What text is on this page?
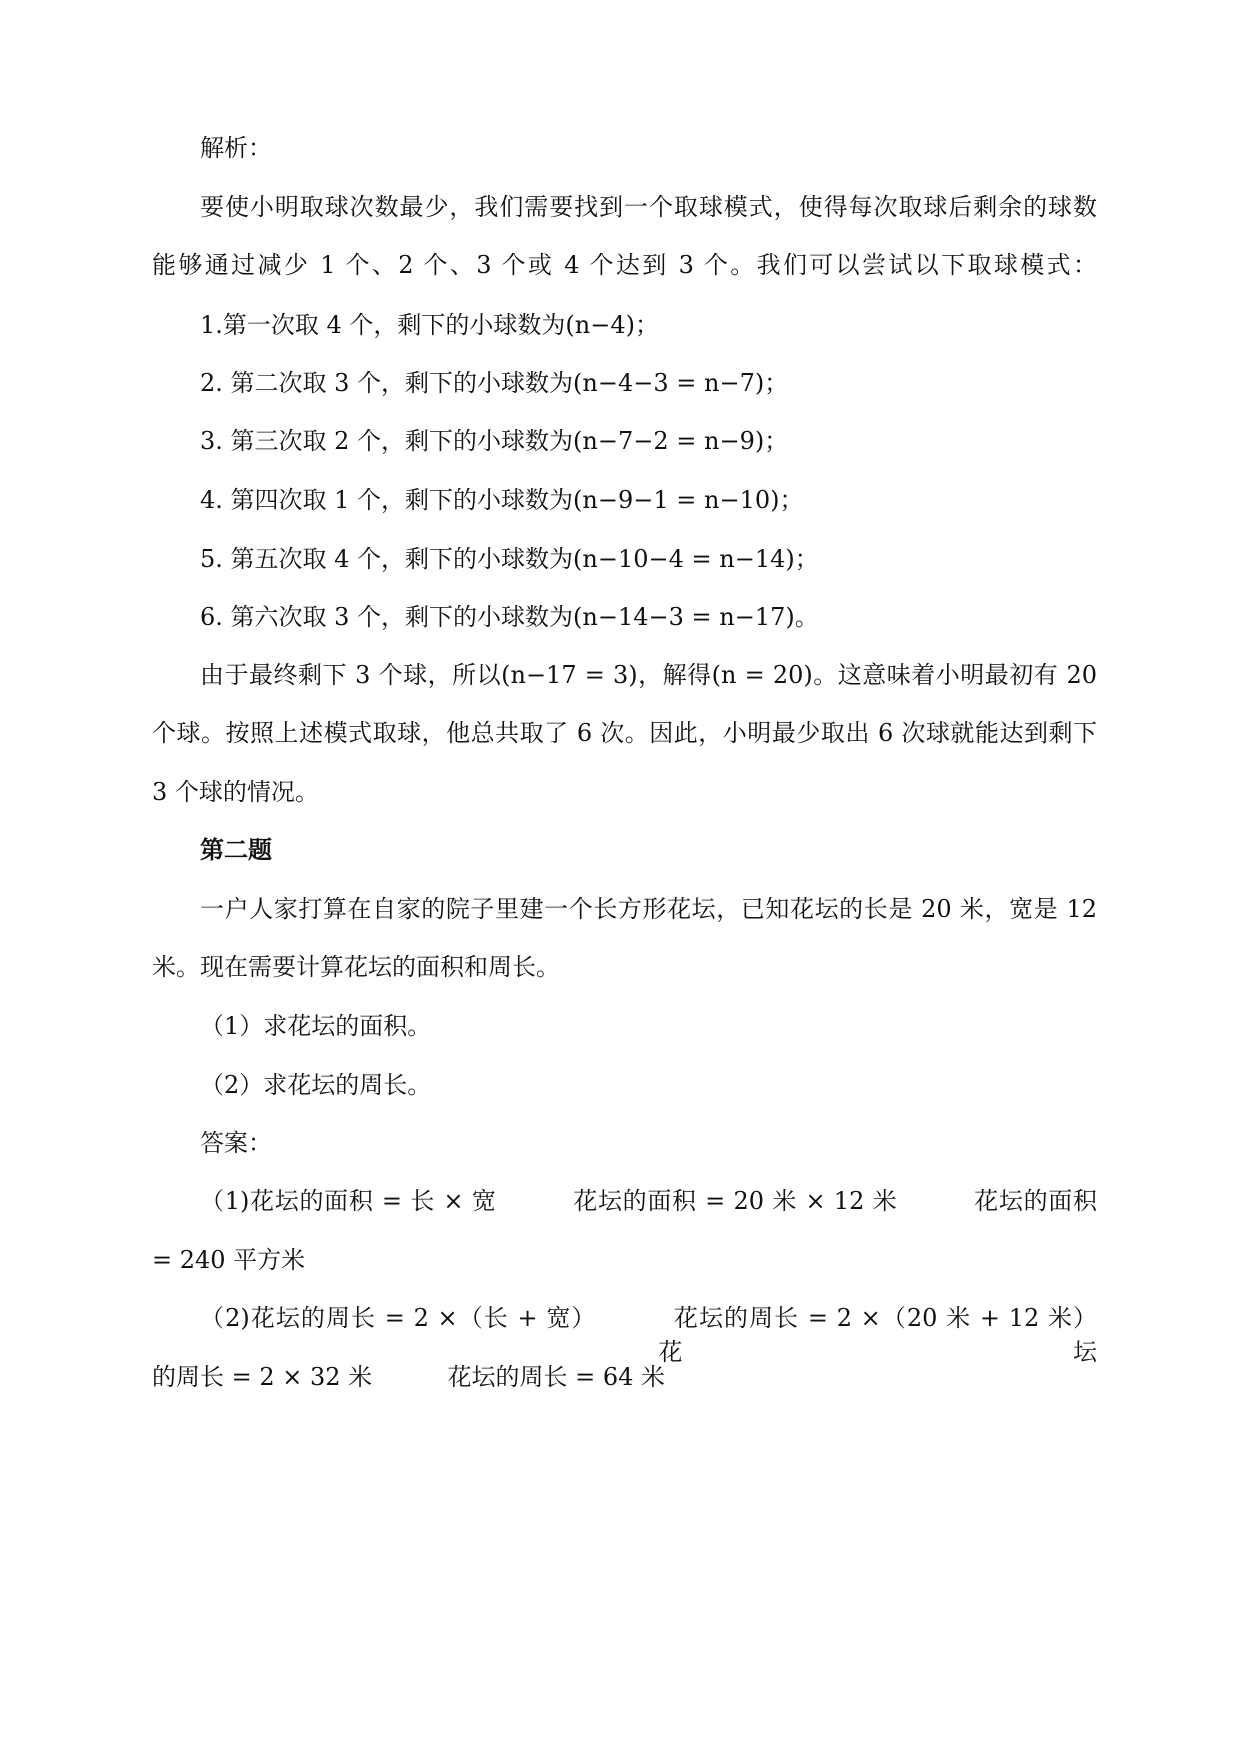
解析：
要使小明取球次数最少，我们需要找到一个取球模式，使得每次取球后剩余的球数
能够通过减少 1 个、2 个、3 个或 4 个达到 3 个。我们可以尝试以下取球模式：
1.第一次取 4 个，剩下的小球数为(n−4)；
2. 第二次取 3 个，剩下的小球数为(n−4−3 = n−7)；
3. 第三次取 2 个，剩下的小球数为(n−7−2 = n−9)；
4. 第四次取 1 个，剩下的小球数为(n−9−1 = n−10)；
5. 第五次取 4 个，剩下的小球数为(n−10−4 = n−14)；
6. 第六次取 3 个，剩下的小球数为(n−14−3 = n−17)。
由于最终剩下 3 个球，所以(n−17 = 3)，解得(n = 20)。这意味着小明最初有 20
个球。按照上述模式取球，他总共取了 6 次。因此，小明最少取出 6 次球就能达到剩下
3 个球的情况。
第二题
一户人家打算在自家的院子里建一个长方形花坛，已知花坛的长是 20 米，宽是 12
米。现在需要计算花坛的面积和周长。
（1）求花坛的面积。
（2）求花坛的周长。
答案：
（1)花坛的面积 = 长 × 宽	花坛的面积 = 20 米 × 12 米	花坛的面积
= 240 平方米
（2)花坛的周长 = 2 ×（长 + 宽）	花坛的周长 = 2 ×（20 米 + 12 米）  花坛
的周长 = 2 × 32 米	花坛的周长 = 64 米
